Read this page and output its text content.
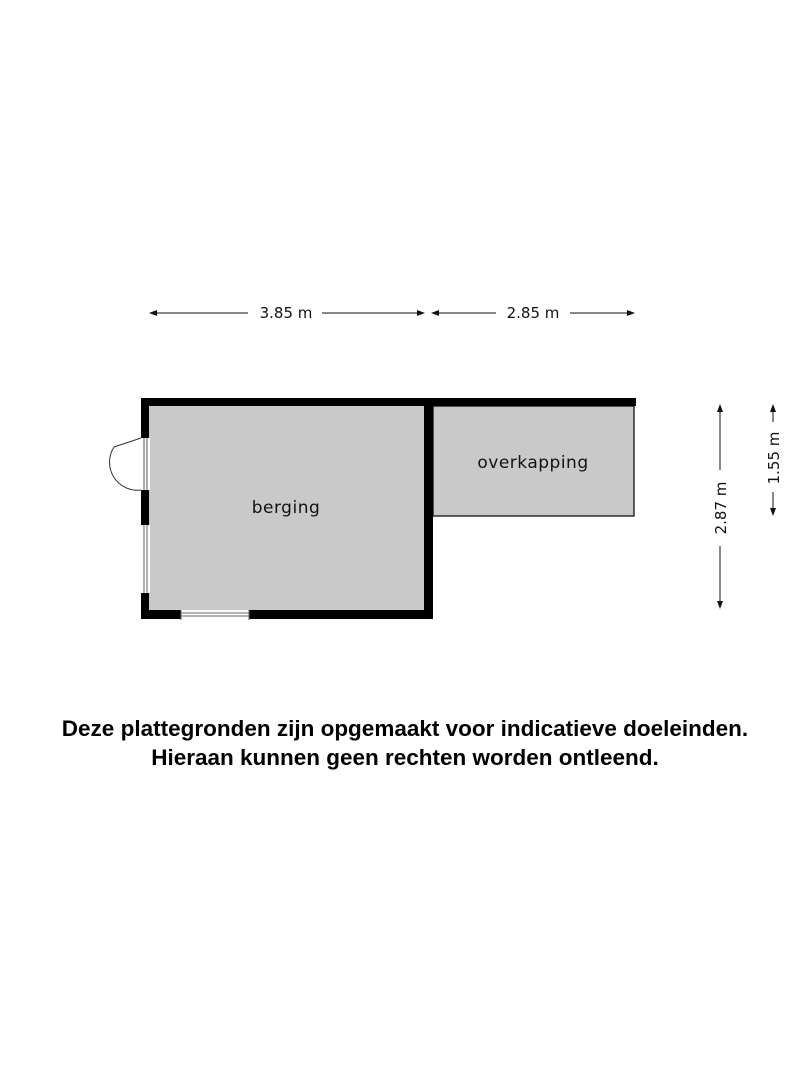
berging
overkapping
3.85 m	2.85 m
2.87 m
1.55 m
Deze plattegronden zijn opgemaakt voor indicatieve doeleinden.
Hieraan kunnen geen rechten worden ontleend.
